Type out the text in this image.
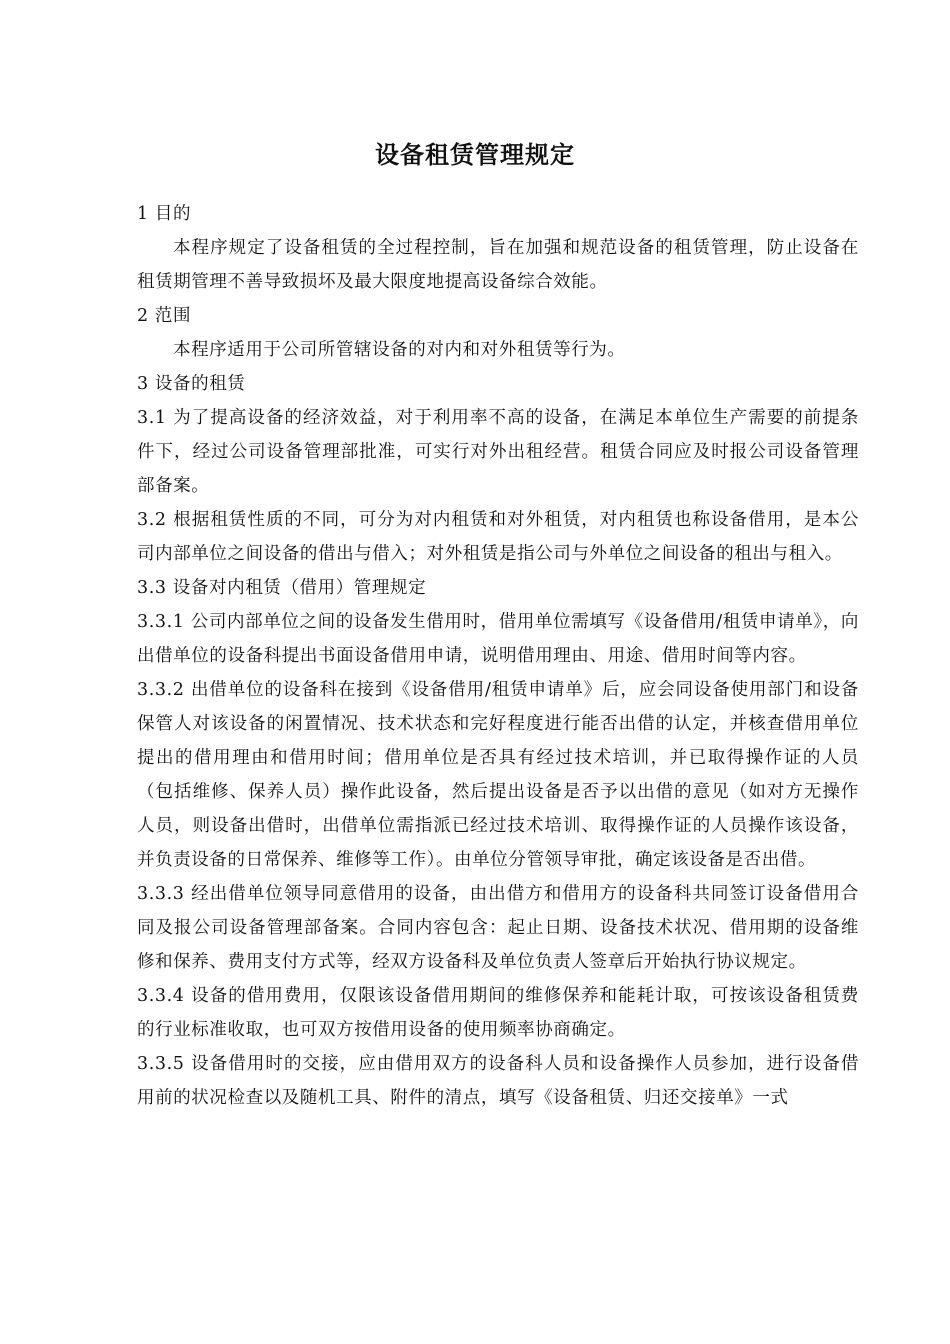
设备租赁管理规定

1 目的

本程序规定了设备租赁的全过程控制，旨在加强和规范设备的租赁管理，防止设备在租赁期管理不善导致损坏及最大限度地提高设备综合效能。

2 范围

本程序适用于公司所管辖设备的对内和对外租赁等行为。

3 设备的租赁

3.1 为了提高设备的经济效益，对于利用率不高的设备，在满足本单位生产需要的前提条件下，经过公司设备管理部批准，可实行对外出租经营。租赁合同应及时报公司设备管理部备案。

3.2 根据租赁性质的不同，可分为对内租赁和对外租赁，对内租赁也称设备借用，是本公司内部单位之间设备的借出与借入；对外租赁是指公司与外单位之间设备的租出与租入。

3.3 设备对内租赁（借用）管理规定

3.3.1 公司内部单位之间的设备发生借用时，借用单位需填写《设备借用/租赁申请单》，向出借单位的设备科提出书面设备借用申请，说明借用理由、用途、借用时间等内容。

3.3.2 出借单位的设备科在接到《设备借用/租赁申请单》后，应会同设备使用部门和设备保管人对该设备的闲置情况、技术状态和完好程度进行能否出借的认定，并核查借用单位提出的借用理由和借用时间；借用单位是否具有经过技术培训，并已取得操作证的人员（包括维修、保养人员）操作此设备，然后提出设备是否予以出借的意见（如对方无操作人员，则设备出借时，出借单位需指派已经过技术培训、取得操作证的人员操作该设备，并负责设备的日常保养、维修等工作）。由单位分管领导审批，确定该设备是否出借。

3.3.3 经出借单位领导同意借用的设备，由出借方和借用方的设备科共同签订设备借用合同及报公司设备管理部备案。合同内容包含：起止日期、设备技术状况、借用期的设备维修和保养、费用支付方式等，经双方设备科及单位负责人签章后开始执行协议规定。

3.3.4 设备的借用费用，仅限该设备借用期间的维修保养和能耗计取，可按该设备租赁费的行业标准收取，也可双方按借用设备的使用频率协商确定。

3.3.5 设备借用时的交接，应由借用双方的设备科人员和设备操作人员参加，进行设备借用前的状况检查以及随机工具、附件的清点，填写《设备租赁、归还交接单》一式
